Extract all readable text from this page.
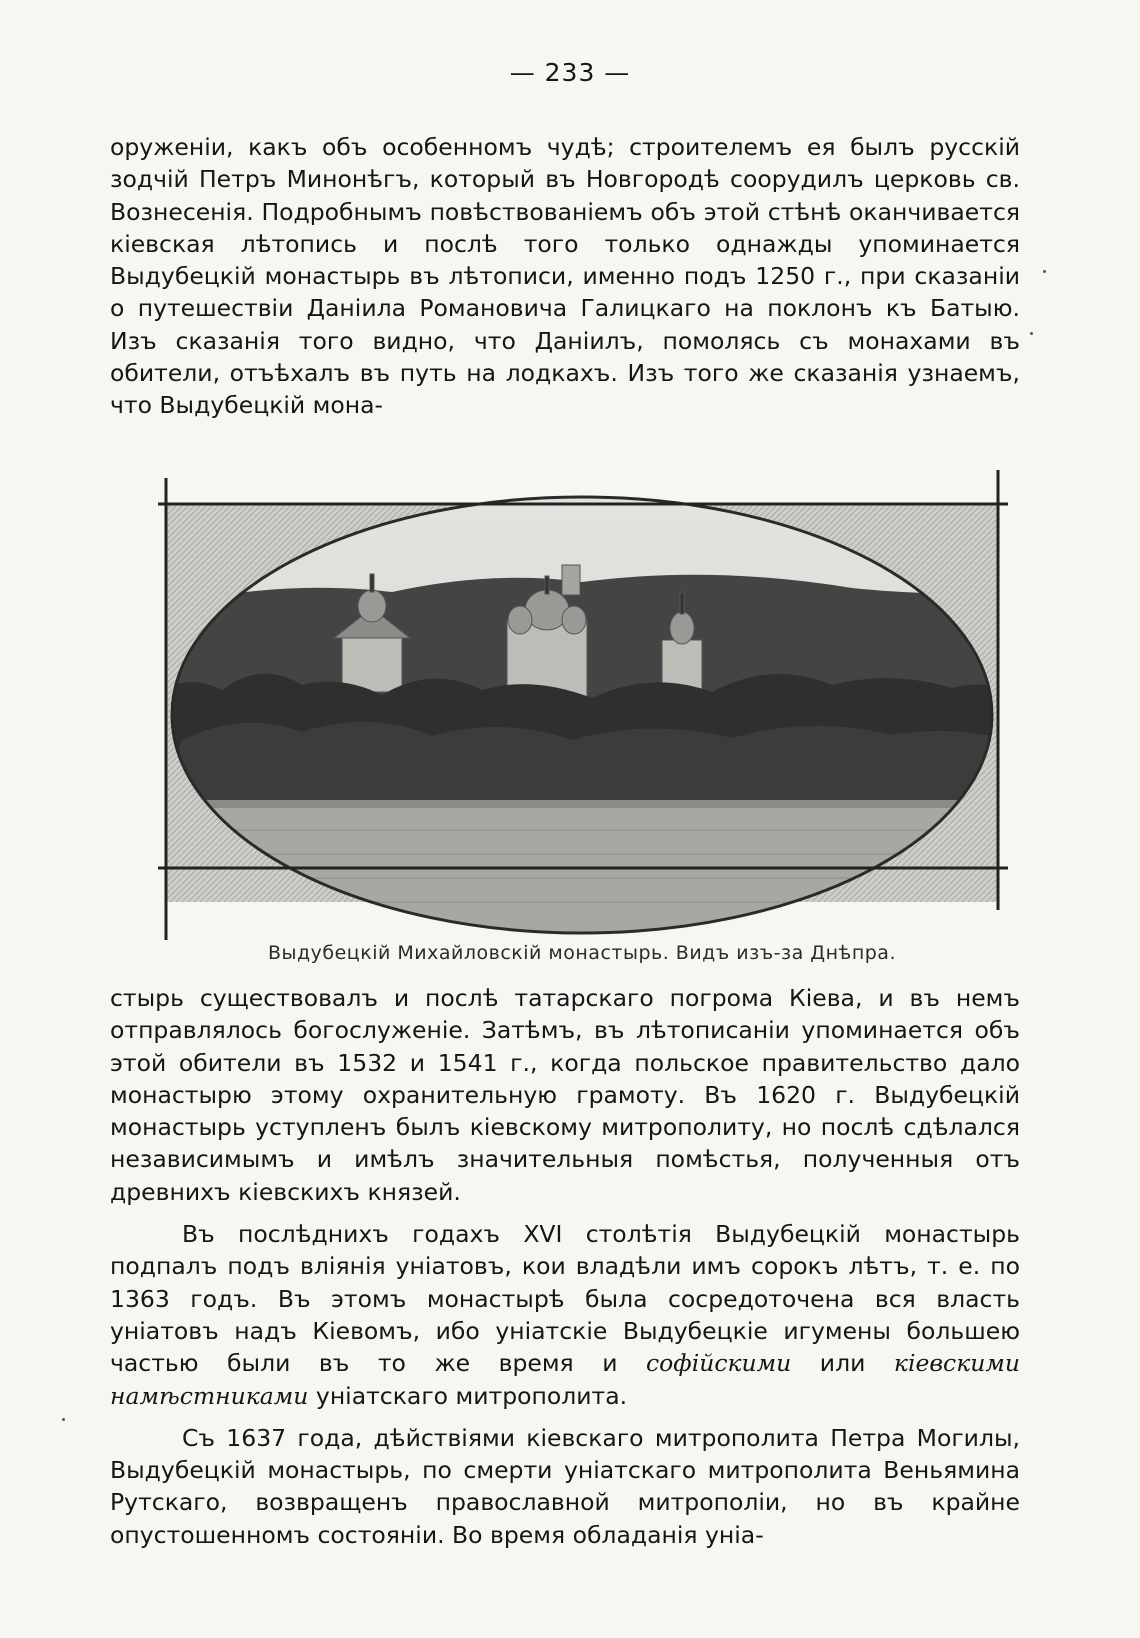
— 233 —

оруженіи, какъ объ особенномъ чудѣ; строителемъ ея былъ русскій зодчій Петръ Минонѣгъ, который въ Новгородѣ соорудилъ церковь св. Вознесенія. Подробнымъ повѣствованіемъ объ этой стѣнѣ оканчивается кіевская лѣтопись и послѣ того только однажды упоминается Выдубецкій монастырь въ лѣтописи, именно подъ 1250 г., при сказаніи о путешествіи Даніила Романовича Галицкаго на поклонъ къ Батыю. Изъ сказанія того видно, что Даніилъ, помолясь съ монахами въ обители, отъѣхалъ въ путь на лодкахъ. Изъ того же сказанія узнаемъ, что Выдубецкій мона-

Выдубецкій Михайловскій монастырь. Видъ изъ-за Днѣпра.

стырь существовалъ и послѣ татарскаго погрома Кіева, и въ немъ отправлялось богослуженіе. Затѣмъ, въ лѣтописаніи упоминается объ этой обители въ 1532 и 1541 г., когда польское правительство дало монастырю этому охранительную грамоту. Въ 1620 г. Выдубецкій монастырь уступленъ былъ кіевскому митрополиту, но послѣ сдѣлался независимымъ и имѣлъ значительныя помѣстья, полученныя отъ древнихъ кіевскихъ князей.

Въ послѣднихъ годахъ XVI столѣтія Выдубецкій монастырь подпалъ подъ вліянія уніатовъ, кои владѣли имъ сорокъ лѣтъ, т. е. по 1363 годъ. Въ этомъ монастырѣ была сосредоточена вся власть уніатовъ надъ Кіевомъ, ибо уніатскіе Выдубецкіе игумены большею частью были въ то же время и софійскими или кіевскими намѣстниками уніатскаго митрополита.

Съ 1637 года, дѣйствіями кіевскаго митрополита Петра Могилы, Выдубецкій монастырь, по смерти уніатскаго митрополита Веньямина Рутскаго, возвращенъ православной митрополіи, но въ крайне опустошенномъ состояніи. Во время обладанія уніа-
